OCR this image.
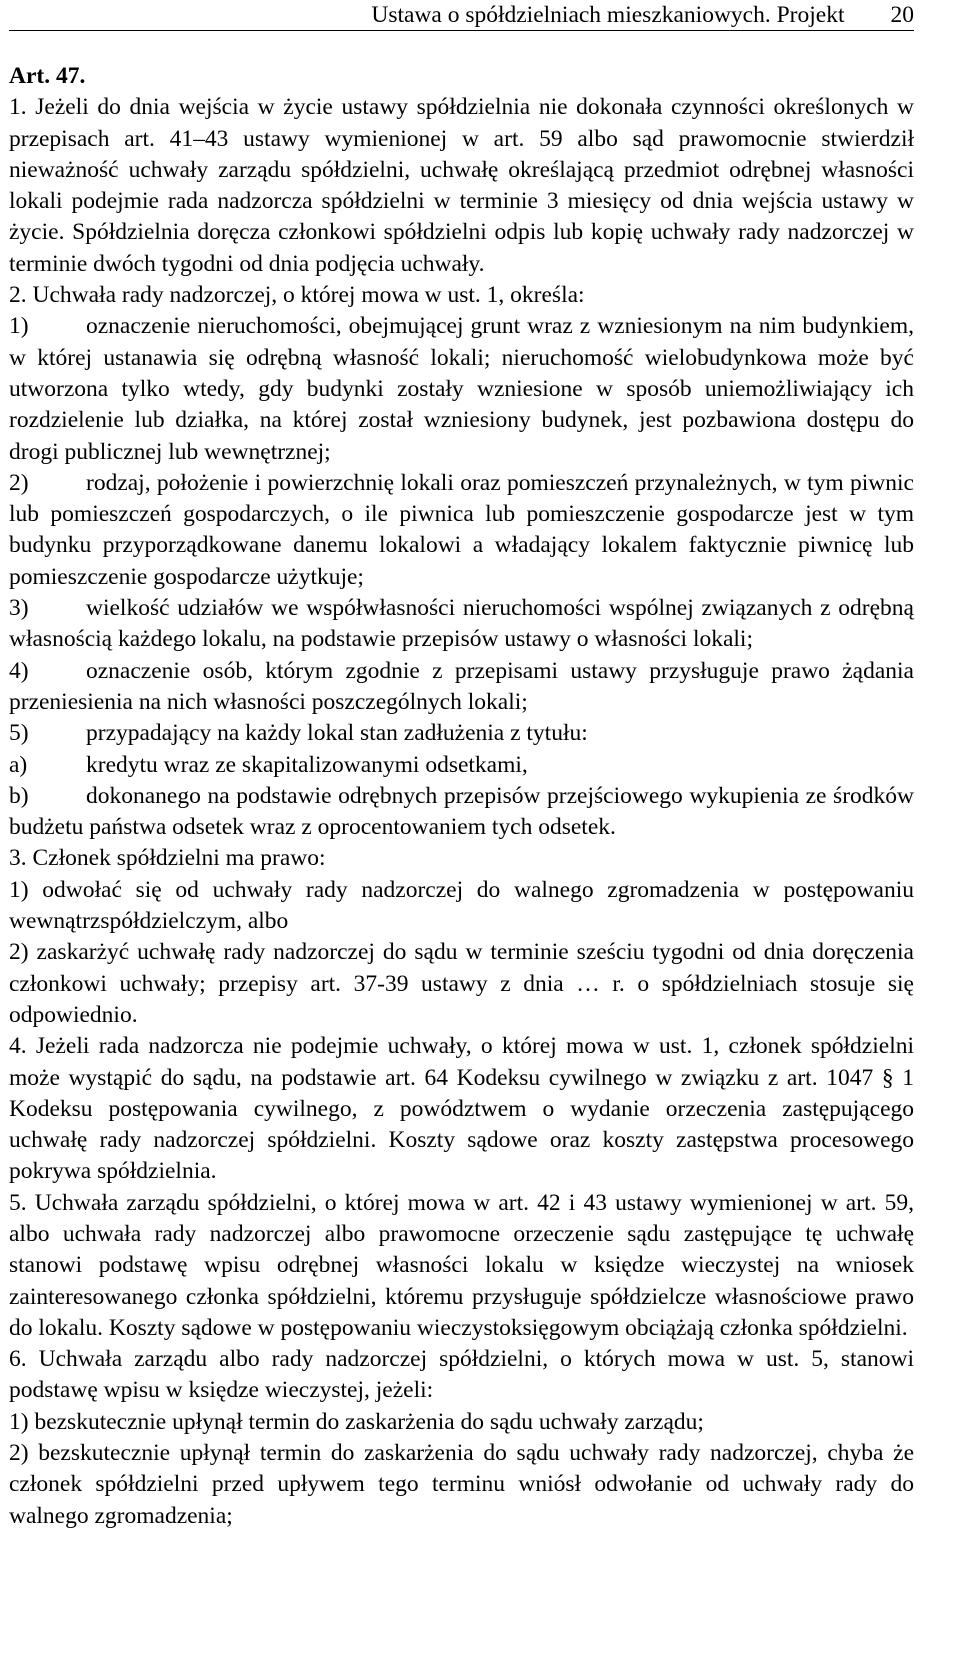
Ustawa o spółdzielniach mieszkaniowych. Projekt 20

Art. 47.

1. Jeżeli do dnia wejścia w życie ustawy spółdzielnia nie dokonała czynności określonych w przepisach art. 41–43 ustawy wymienionej w art. 59 albo sąd prawomocnie stwierdził nieważność uchwały zarządu spółdzielni, uchwałę określającą przedmiot odrębnej własności lokali podejmie rada nadzorcza spółdzielni w terminie 3 miesięcy od dnia wejścia ustawy w życie. Spółdzielnia doręcza członkowi spółdzielni odpis lub kopię uchwały rady nadzorczej w terminie dwóch tygodni od dnia podjęcia uchwały.

2. Uchwała rady nadzorczej, o której mowa w ust. 1, określa:

1) oznaczenie nieruchomości, obejmującej grunt wraz z wzniesionym na nim budynkiem, w której ustanawia się odrębną własność lokali; nieruchomość wielobudynkowa może być utworzona tylko wtedy, gdy budynki zostały wzniesione w sposób uniemożliwiający ich rozdzielenie lub działka, na której został wzniesiony budynek, jest pozbawiona dostępu do drogi publicznej lub wewnętrznej;

2) rodzaj, położenie i powierzchnię lokali oraz pomieszczeń przynależnych, w tym piwnic lub pomieszczeń gospodarczych, o ile piwnica lub pomieszczenie gospodarcze jest w tym budynku przyporządkowane danemu lokalowi a władający lokalem faktycznie piwnicę lub pomieszczenie gospodarcze użytkuje;

3) wielkość udziałów we współwłasności nieruchomości wspólnej związanych z odrębną własnością każdego lokalu, na podstawie przepisów ustawy o własności lokali;

4) oznaczenie osób, którym zgodnie z przepisami ustawy przysługuje prawo żądania przeniesienia na nich własności poszczególnych lokali;

5) przypadający na każdy lokal stan zadłużenia z tytułu:

a) kredytu wraz ze skapitalizowanymi odsetkami,

b) dokonanego na podstawie odrębnych przepisów przejściowego wykupienia ze środków budżetu państwa odsetek wraz z oprocentowaniem tych odsetek.

3. Członek spółdzielni ma prawo:

1) odwołać się od uchwały rady nadzorczej do walnego zgromadzenia w postępowaniu wewnątrzspółdzielczym, albo

2) zaskarżyć uchwałę rady nadzorczej do sądu w terminie sześciu tygodni od dnia doręczenia członkowi uchwały; przepisy art. 37-39 ustawy z dnia … r. o spółdzielniach stosuje się odpowiednio.

4. Jeżeli rada nadzorcza nie podejmie uchwały, o której mowa w ust. 1, członek spółdzielni może wystąpić do sądu, na podstawie art. 64 Kodeksu cywilnego w związku z art. 1047 § 1 Kodeksu postępowania cywilnego, z powództwem o wydanie orzeczenia zastępującego uchwałę rady nadzorczej spółdzielni. Koszty sądowe oraz koszty zastępstwa procesowego pokrywa spółdzielnia.

5. Uchwała zarządu spółdzielni, o której mowa w art. 42 i 43 ustawy wymienionej w art. 59, albo uchwała rady nadzorczej albo prawomocne orzeczenie sądu zastępujące tę uchwałę stanowi podstawę wpisu odrębnej własności lokalu w księdze wieczystej na wniosek zainteresowanego członka spółdzielni, któremu przysługuje spółdzielcze własnościowe prawo do lokalu. Koszty sądowe w postępowaniu wieczystoksięgowym obciążają członka spółdzielni.

6. Uchwała zarządu albo rady nadzorczej spółdzielni, o których mowa w ust. 5, stanowi podstawę wpisu w księdze wieczystej, jeżeli:

1) bezskutecznie upłynął termin do zaskarżenia do sądu uchwały zarządu;

2) bezskutecznie upłynął termin do zaskarżenia do sądu uchwały rady nadzorczej, chyba że członek spółdzielni przed upływem tego terminu wniósł odwołanie od uchwały rady do walnego zgromadzenia;
